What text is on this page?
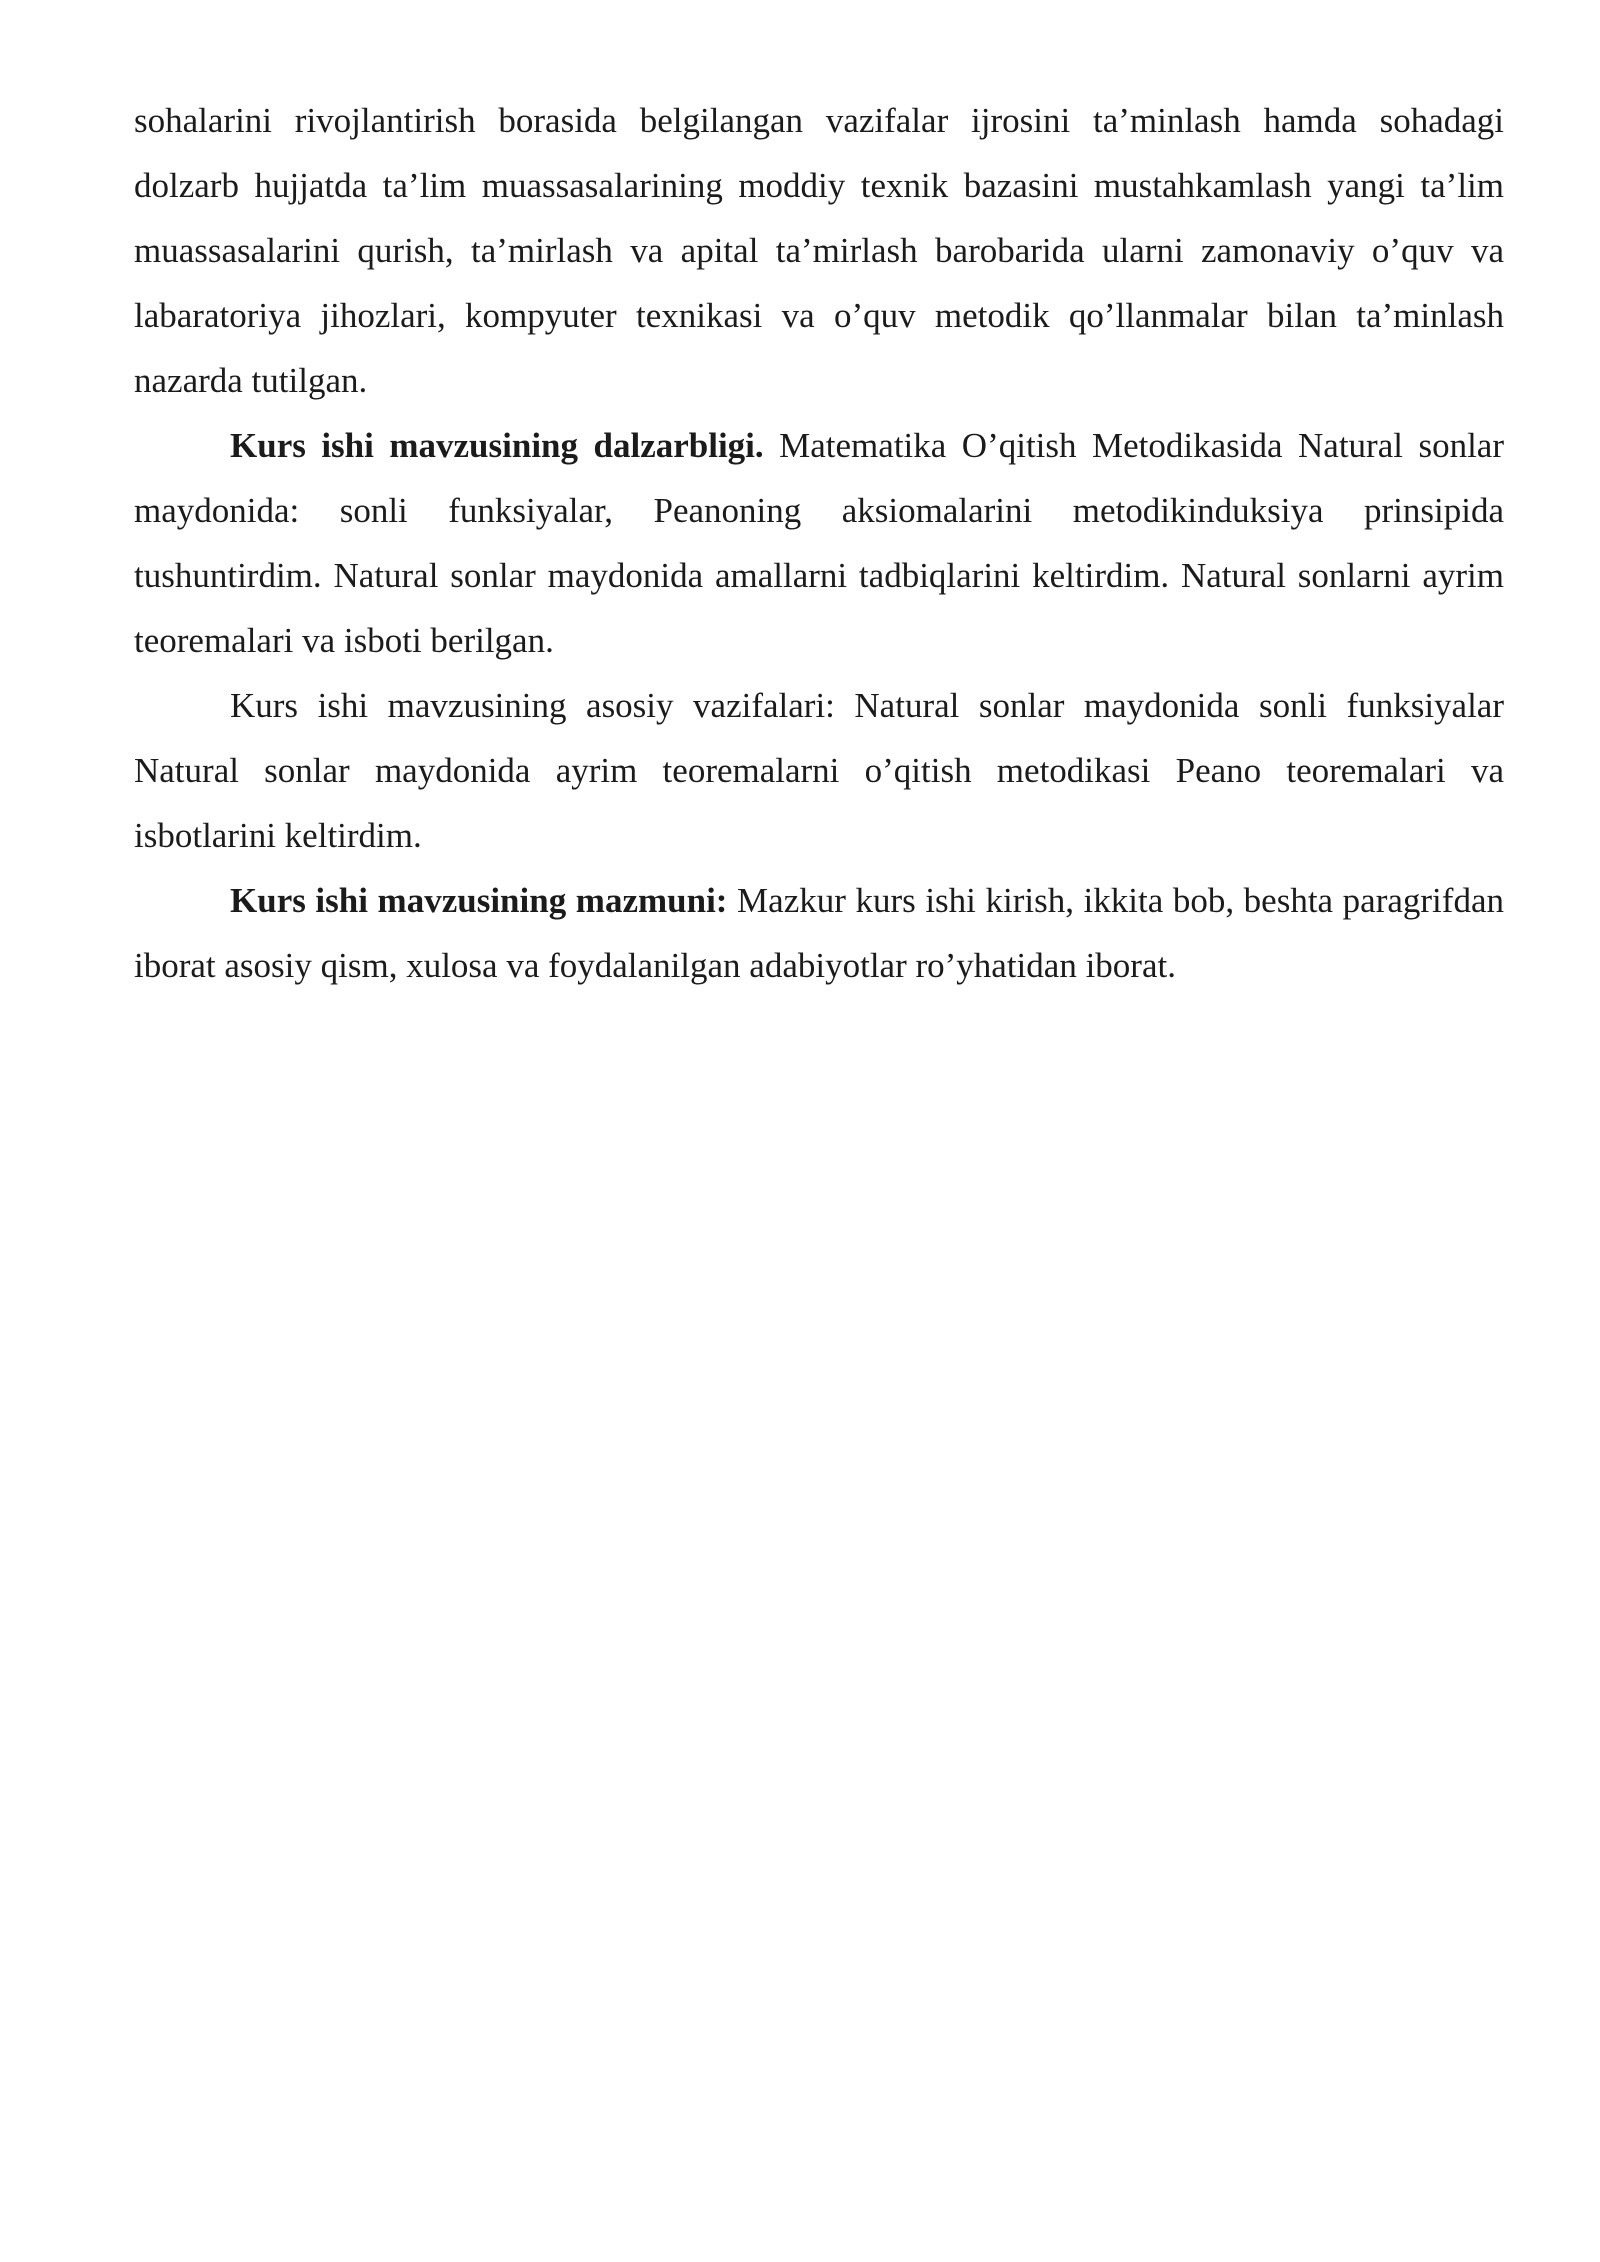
sohalarini rivojlantirish borasida belgilangan vazifalar ijrosini ta’minlash hamda sohadagi dolzarb hujjatda ta’lim muassasalarining moddiy texnik bazasini mustahkamlash yangi ta’lim muassasalarini qurish, ta’mirlash va apital ta’mirlash barobarida ularni zamonaviy o’quv va labaratoriya jihozlari, kompyuter texnikasi va o’quv metodik qo’llanmalar bilan ta’minlash nazarda tutilgan.

Kurs ishi mavzusining dalzarbligi. Matematika O’qitish Metodikasida Natural sonlar maydonida: sonli funksiyalar, Peanoning aksiomalarini metodikinduksiya prinsipida tushuntirdim. Natural sonlar maydonida amallarni tadbiqlarini keltirdim. Natural sonlarni ayrim teoremalari va isboti berilgan.

Kurs ishi mavzusining asosiy vazifalari: Natural sonlar maydonida sonli funksiyalar Natural sonlar maydonida ayrim teoremalarni o’qitish metodikasi Peano teoremalari va isbotlarini keltirdim.

Kurs ishi mavzusining mazmuni: Mazkur kurs ishi kirish, ikkita bob, beshta paragrifdan iborat asosiy qism, xulosa va foydalanilgan adabiyotlar ro’yhatidan iborat.
